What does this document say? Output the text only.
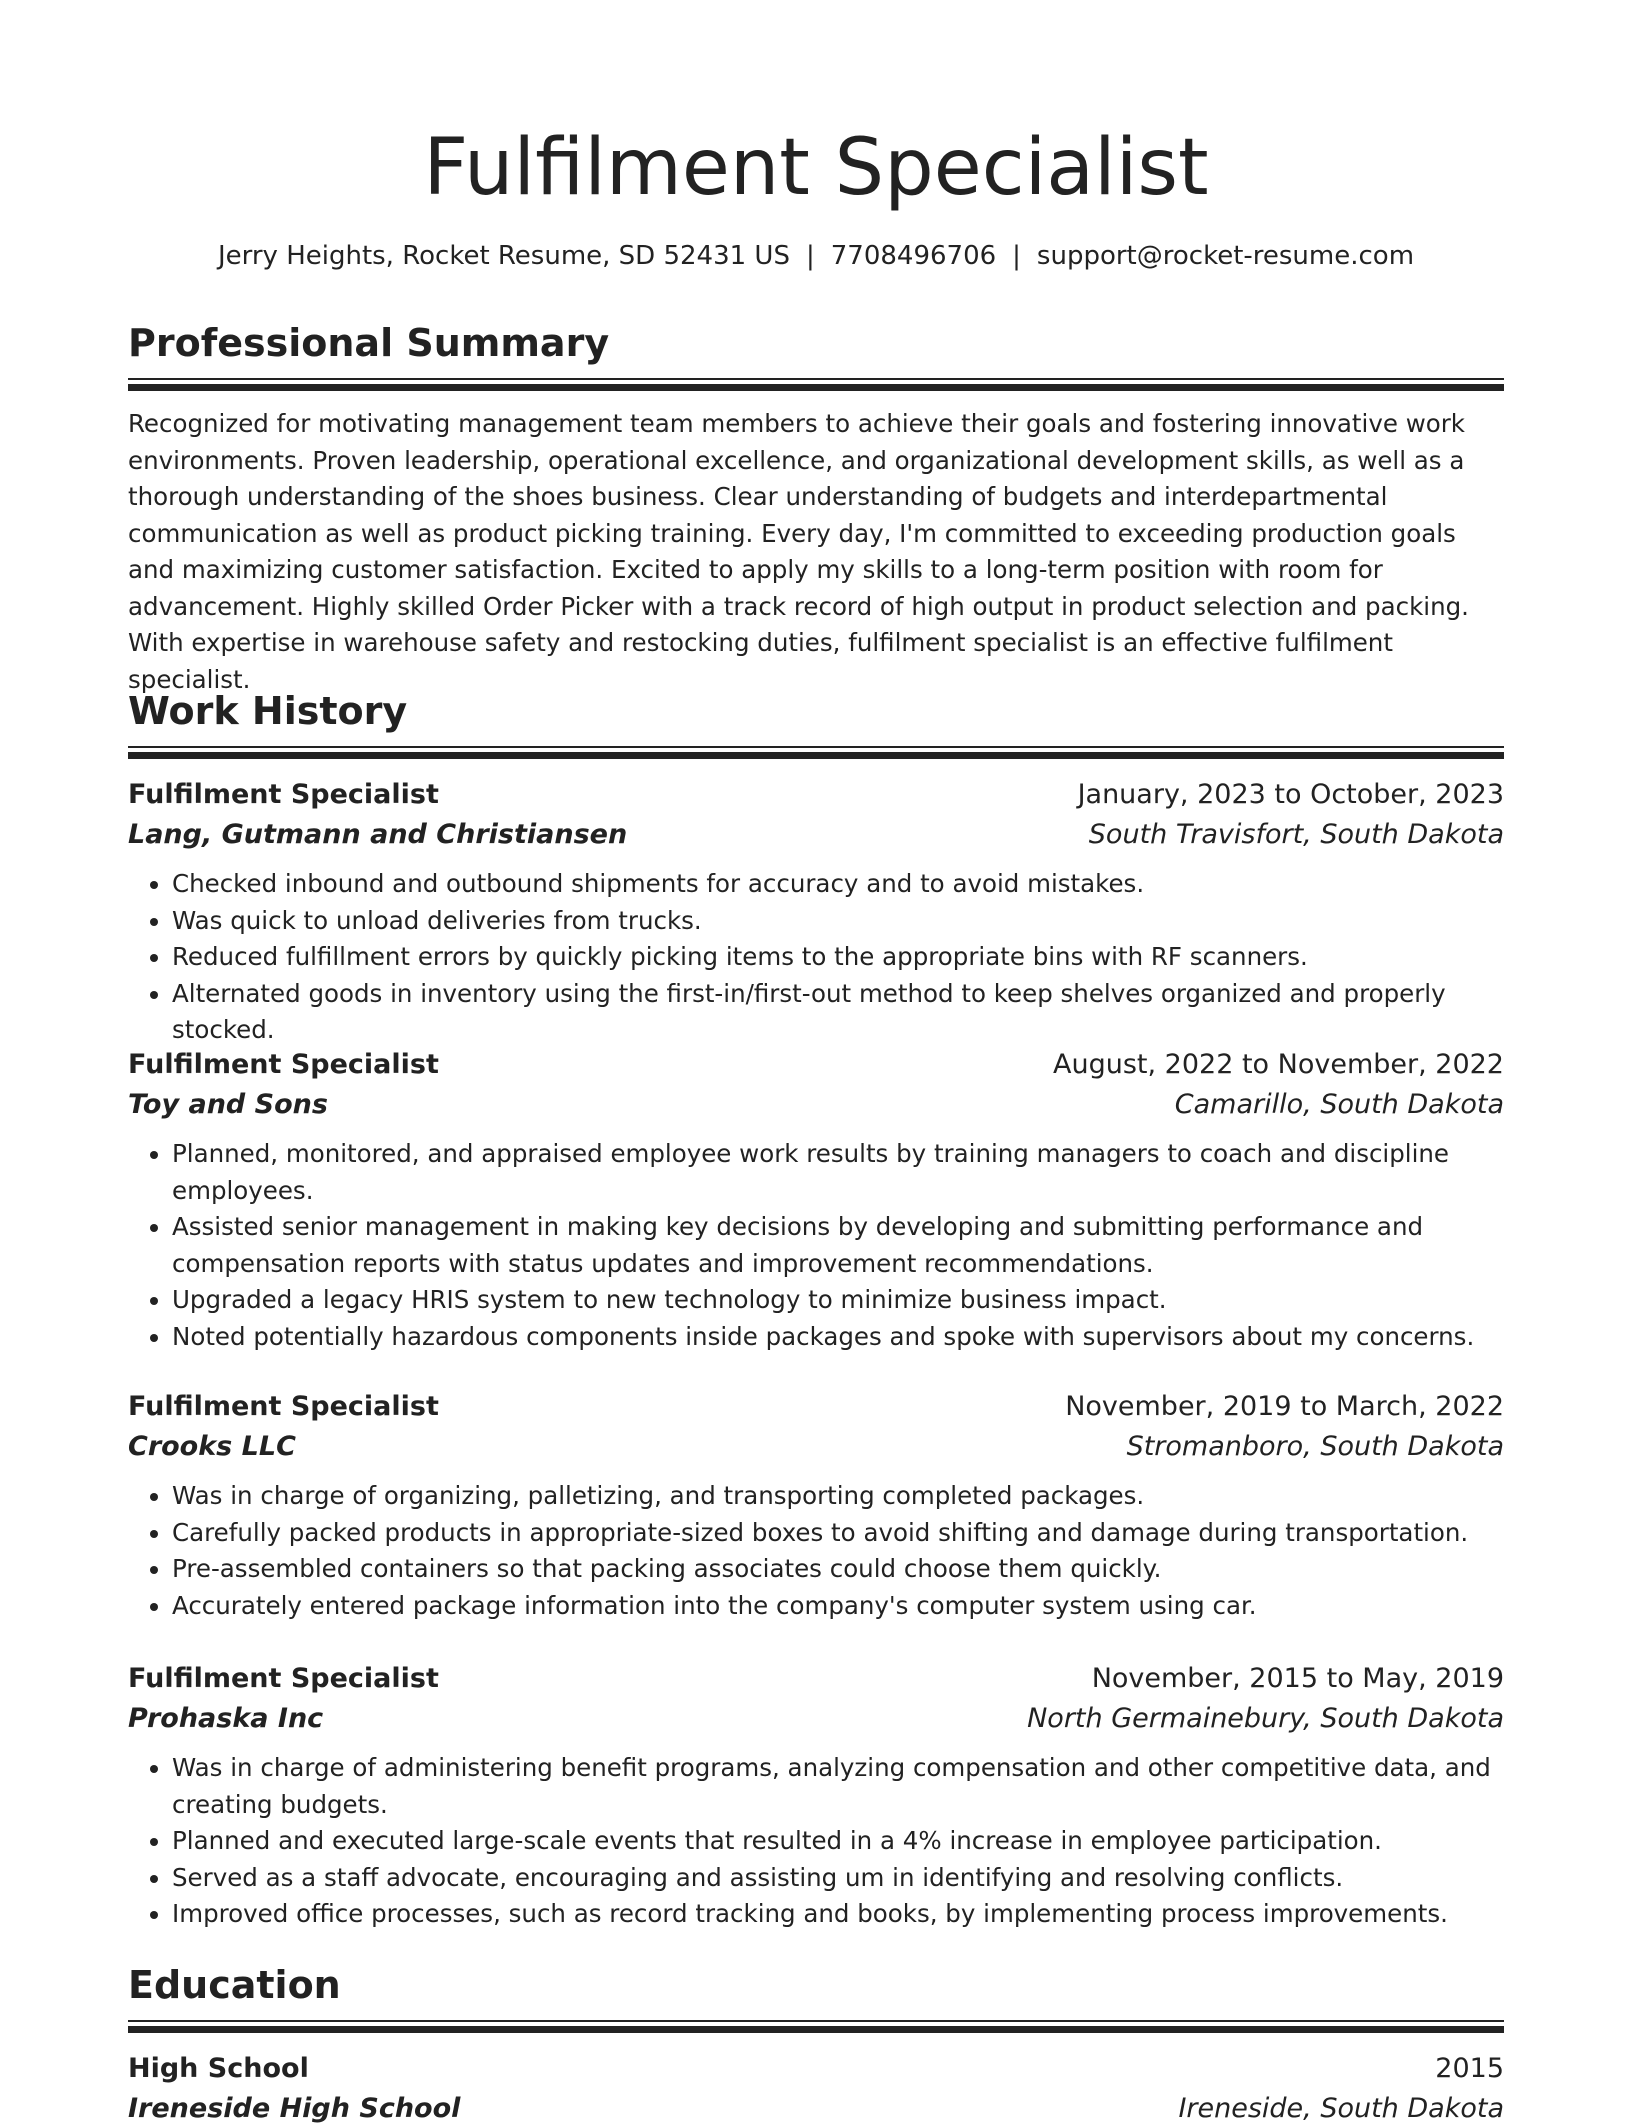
Fulfilment Specialist
Jerry Heights, Rocket Resume, SD 52431 US | 7708496706 | support@rocket-resume.com
Professional Summary
Recognized for motivating management team members to achieve their goals and fostering innovative work environments. Proven leadership, operational excellence, and organizational development skills, as well as a thorough understanding of the shoes business. Clear understanding of budgets and interdepartmental communication as well as product picking training. Every day, I'm committed to exceeding production goals and maximizing customer satisfaction. Excited to apply my skills to a long-term position with room for advancement. Highly skilled Order Picker with a track record of high output in product selection and packing. With expertise in warehouse safety and restocking duties, fulfilment specialist is an effective fulfilment specialist.
Work History
Fulfilment Specialist	January, 2023 to October, 2023
Lang, Gutmann and Christiansen	South Travisfort, South Dakota
• Checked inbound and outbound shipments for accuracy and to avoid mistakes.
• Was quick to unload deliveries from trucks.
• Reduced fulfillment errors by quickly picking items to the appropriate bins with RF scanners.
• Alternated goods in inventory using the first-in/first-out method to keep shelves organized and properly stocked.
Fulfilment Specialist	August, 2022 to November, 2022
Toy and Sons	Camarillo, South Dakota
• Planned, monitored, and appraised employee work results by training managers to coach and discipline employees.
• Assisted senior management in making key decisions by developing and submitting performance and compensation reports with status updates and improvement recommendations.
• Upgraded a legacy HRIS system to new technology to minimize business impact.
• Noted potentially hazardous components inside packages and spoke with supervisors about my concerns.
Fulfilment Specialist	November, 2019 to March, 2022
Crooks LLC	Stromanboro, South Dakota
• Was in charge of organizing, palletizing, and transporting completed packages.
• Carefully packed products in appropriate-sized boxes to avoid shifting and damage during transportation.
• Pre-assembled containers so that packing associates could choose them quickly.
• Accurately entered package information into the company's computer system using car.
Fulfilment Specialist	November, 2015 to May, 2019
Prohaska Inc	North Germainebury, South Dakota
• Was in charge of administering benefit programs, analyzing compensation and other competitive data, and creating budgets.
• Planned and executed large-scale events that resulted in a 4% increase in employee participation.
• Served as a staff advocate, encouraging and assisting um in identifying and resolving conflicts.
• Improved office processes, such as record tracking and books, by implementing process improvements.
Education
High School	2015
Ireneside High School	Ireneside, South Dakota
